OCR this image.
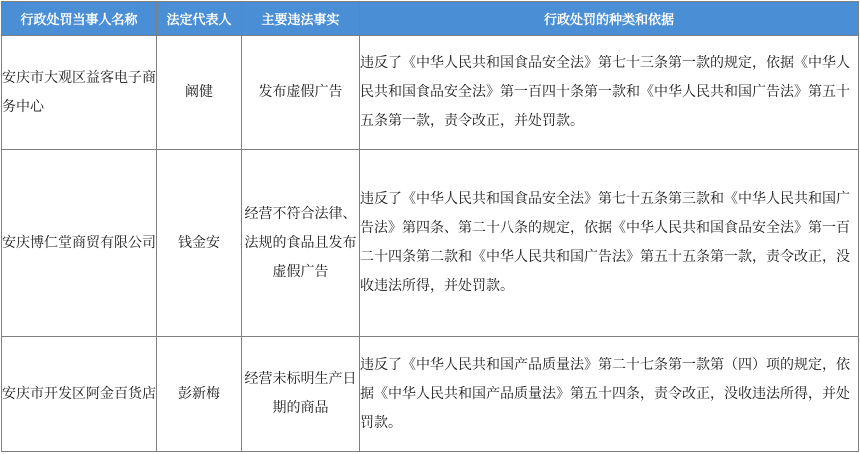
行政处罚当事人名称	法定代表人	主要违法事实	行政处罚的种类和依据
安庆市大观区益客电子商务中心	阚健	发布虚假广告	违反了《中华人民共和国食品安全法》第七十三条第一款的规定，依据《中华人民共和国食品安全法》第一百四十条第一款和《中华人民共和国广告法》第五十五条第一款，责令改正，并处罚款。
安庆博仁堂商贸有限公司	钱金安	经营不符合法律、法规的食品且发布虚假广告	违反了《中华人民共和国食品安全法》第七十五条第三款和《中华人民共和国广告法》第四条、第二十八条的规定，依据《中华人民共和国食品安全法》第一百二十四条第二款和《中华人民共和国广告法》第五十五条第一款，责令改正，没收违法所得，并处罚款。
安庆市开发区阿金百货店	彭新梅	经营未标明生产日期的商品	违反了《中华人民共和国产品质量法》第二十七条第一款第（四）项的规定，依据《中华人民共和国产品质量法》第五十四条，责令改正，没收违法所得，并处罚款。
